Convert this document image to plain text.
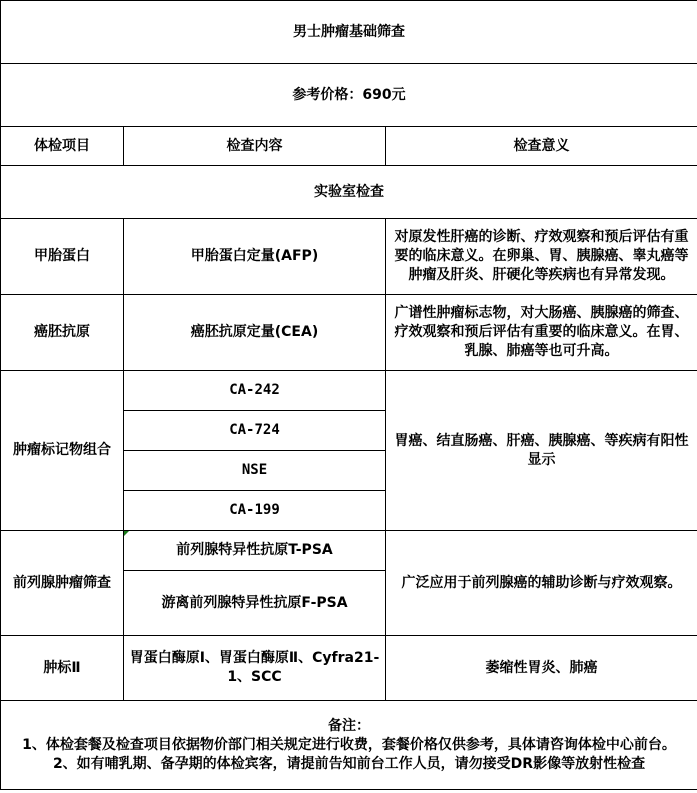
男士肿瘤基础筛查		
参考价格：690元		
体检项目	检查内容	检查意义
实验室检查		
甲胎蛋白	甲胎蛋白定量(AFP)	对原发性肝癌的诊断、疗效观察和预后评估有重要的临床意义。在卵巢、胃、胰腺癌、睾丸癌等肿瘤及肝炎、肝硬化等疾病也有异常发现。
癌胚抗原	癌胚抗原定量(CEA)	广谱性肿瘤标志物，对大肠癌、胰腺癌的筛查、疗效观察和预后评估有重要的临床意义。在胃、乳腺、肺癌等也可升高。
肿瘤标记物组合	CA-242	胃癌、结直肠癌、肝癌、胰腺癌、等疾病有阳性显示
	CA-724	
	NSE	
	CA-199	
前列腺肿瘤筛查	前列腺特异性抗原T-PSA	广泛应用于前列腺癌的辅助诊断与疗效观察。
	游离前列腺特异性抗原F-PSA	
肿标Ⅱ	胃蛋白酶原Ⅰ、胃蛋白酶原Ⅱ、Cyfra21-1、SCC	萎缩性胃炎、肺癌

备注：
1、体检套餐及检查项目依据物价部门相关规定进行收费，套餐价格仅供参考，具体请咨询体检中心前台。
2、如有哺乳期、备孕期的体检宾客，请提前告知前台工作人员，请勿接受DR影像等放射性检查		
